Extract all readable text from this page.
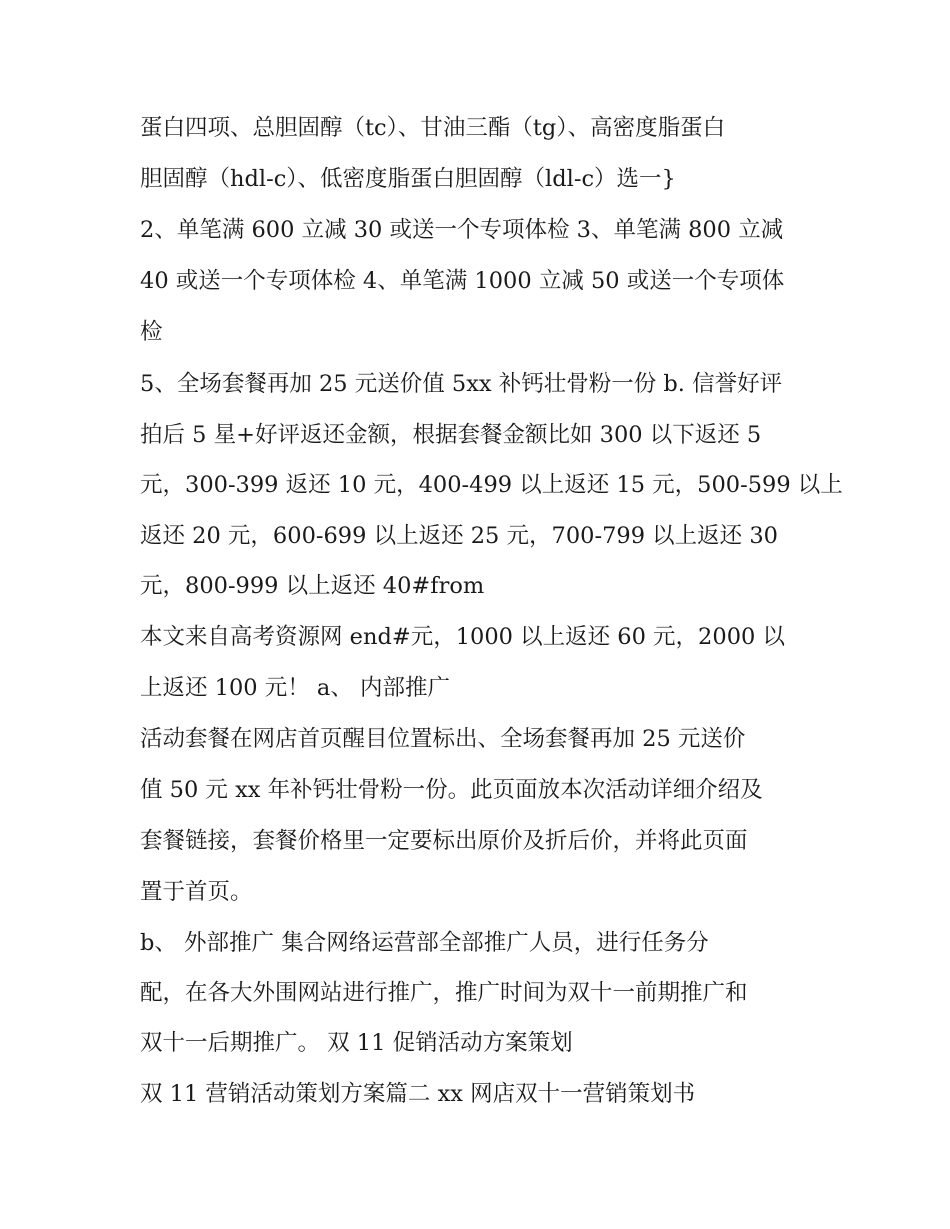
蛋白四项、总胆固醇（tc）、甘油三酯（tg）、高密度脂蛋白
胆固醇（hdl-c）、低密度脂蛋白胆固醇（ldl-c）选一}
2、单笔满 600 立减 30 或送一个专项体检 3、单笔满 800 立减
40 或送一个专项体检 4、单笔满 1000 立减 50 或送一个专项体
检
5、全场套餐再加 25 元送价值 5xx 补钙壮骨粉一份 b. 信誉好评
拍后 5 星+好评返还金额，根据套餐金额比如 300 以下返还 5
元，300-399 返还 10 元，400-499 以上返还 15 元，500-599 以上
返还 20 元，600-699 以上返还 25 元，700-799 以上返还 30
元，800-999 以上返还 40#from
本文来自高考资源网 end#元，1000 以上返还 60 元，2000 以
上返还 100 元！ a、 内部推广
活动套餐在网店首页醒目位置标出、全场套餐再加 25 元送价
值 50 元 xx 年补钙壮骨粉一份。此页面放本次活动详细介绍及
套餐链接，套餐价格里一定要标出原价及折后价，并将此页面
置于首页。
b、 外部推广 集合网络运营部全部推广人员，进行任务分
配，在各大外围网站进行推广，推广时间为双十一前期推广和
双十一后期推广。 双 11 促销活动方案策划
双 11 营销活动策划方案篇二 xx 网店双十一营销策划书
